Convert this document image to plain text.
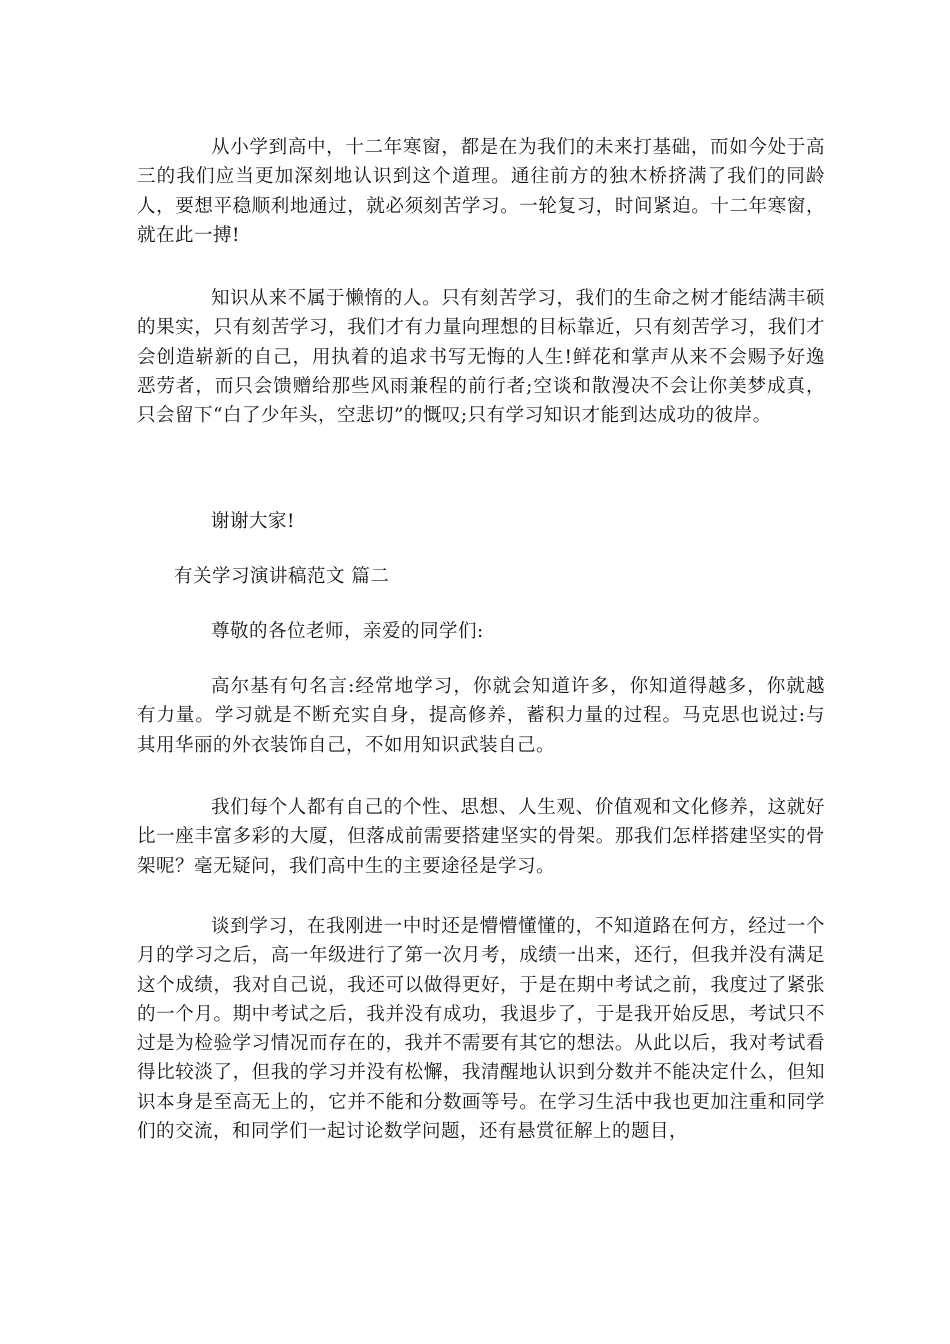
从小学到高中，十二年寒窗，都是在为我们的未来打基础，而如今处于高三的我们应当更加深刻地认识到这个道理。通往前方的独木桥挤满了我们的同龄人，要想平稳顺利地通过，就必须刻苦学习。一轮复习，时间紧迫。十二年寒窗，就在此一搏!

知识从来不属于懒惰的人。只有刻苦学习，我们的生命之树才能结满丰硕的果实，只有刻苦学习，我们才有力量向理想的目标靠近，只有刻苦学习，我们才会创造崭新的自己，用执着的追求书写无悔的人生!鲜花和掌声从来不会赐予好逸恶劳者，而只会馈赠给那些风雨兼程的前行者;空谈和散漫决不会让你美梦成真，只会留下“白了少年头，空悲切”的慨叹;只有学习知识才能到达成功的彼岸。

谢谢大家!

有关学习演讲稿范文 篇二

尊敬的各位老师，亲爱的同学们:

高尔基有句名言:经常地学习，你就会知道许多，你知道得越多，你就越有力量。学习就是不断充实自身，提高修养，蓄积力量的过程。马克思也说过:与其用华丽的外衣装饰自己，不如用知识武装自己。

我们每个人都有自己的个性、思想、人生观、价值观和文化修养，这就好比一座丰富多彩的大厦，但落成前需要搭建坚实的骨架。那我们怎样搭建坚实的骨架呢？毫无疑问，我们高中生的主要途径是学习。

谈到学习，在我刚进一中时还是懵懵懂懂的，不知道路在何方，经过一个月的学习之后，高一年级进行了第一次月考，成绩一出来，还行，但我并没有满足这个成绩，我对自己说，我还可以做得更好，于是在期中考试之前，我度过了紧张的一个月。期中考试之后，我并没有成功，我退步了，于是我开始反思，考试只不过是为检验学习情况而存在的，我并不需要有其它的想法。从此以后，我对考试看得比较淡了，但我的学习并没有松懈，我清醒地认识到分数并不能决定什么，但知识本身是至高无上的，它并不能和分数画等号。在学习生活中我也更加注重和同学们的交流，和同学们一起讨论数学问题，还有悬赏征解上的题目，
